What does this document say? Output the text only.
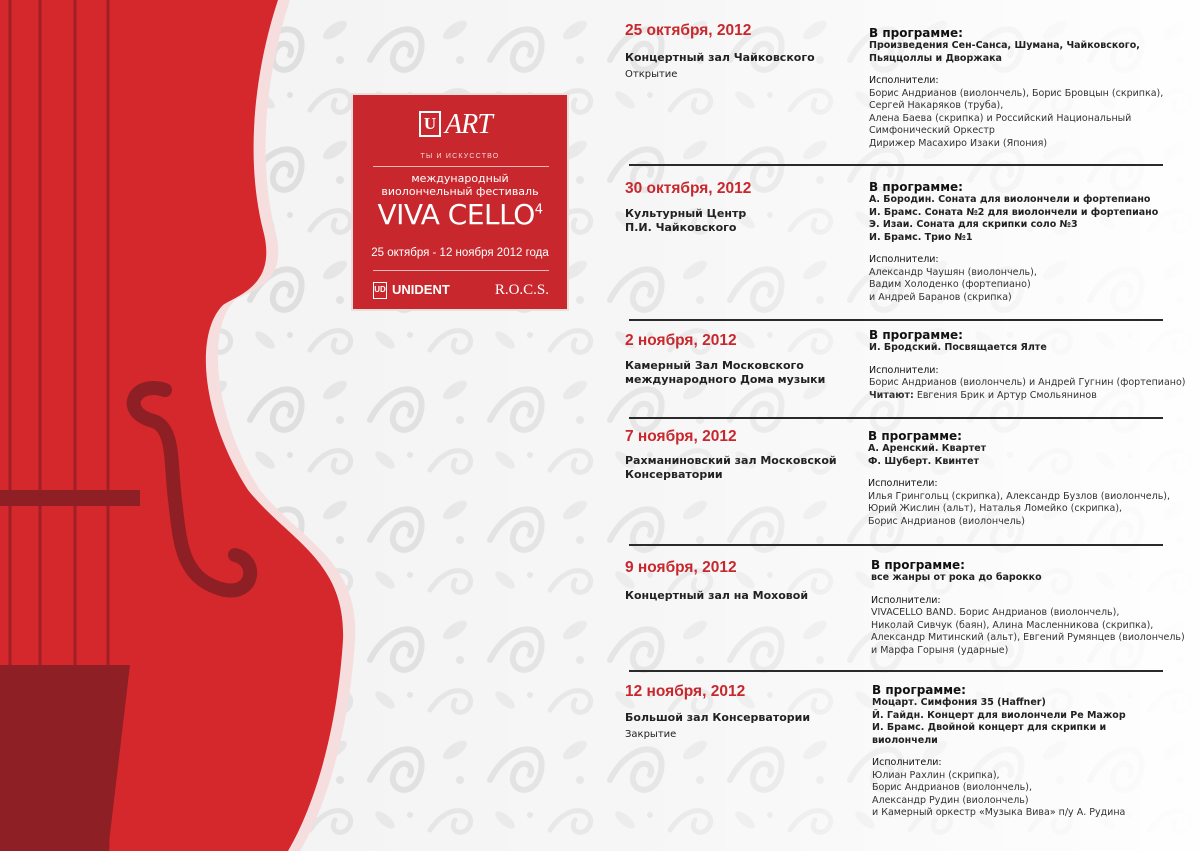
U ART
ТЫ И ИСКУССТВО
международный
виолончельный фестиваль
VIVA CELLO$^4$
25 октября - 12 ноября 2012 года
UD UNIDENT	R.O.C.S.
25 октября, 2012
Концертный зал Чайковского
Открытие
В программе:
Произведения Сен-Санса, Шумана, Чайковского,
Пьяццоллы и Дворжака
Исполнители:
Борис Андрианов (виолончель), Борис Бровцын (скрипка),
Сергей Накаряков (труба),
Алена Баева (скрипка) и Российский Национальный
Симфонический Оркестр
Дирижер Масахиро Изаки (Япония)
30 октября, 2012
Культурный Центр П.И. Чайковского
В программе:
А. Бородин. Соната для виолончели и фортепиано
И. Брамс. Соната №2 для виолончели и фортепиано
Э. Изаи. Соната для скрипки соло №3
И. Брамс. Трио №1
Исполнители:
Александр Чаушян (виолончель),
Вадим Холоденко (фортепиано)
и Андрей Баранов (скрипка)
2 ноября, 2012
Камерный Зал Московского международного Дома музыки
В программе:
И. Бродский. Посвящается Ялте
Исполнители:
Борис Андрианов (виолончель) и Андрей Гугнин (фортепиано)
Читают: Евгения Брик и Артур Смольянинов
7 ноября, 2012
Рахманиновский зал Московской Консерватории
В программе:
А. Аренский. Квартет
Ф. Шуберт. Квинтет
Исполнители:
Илья Грингольц (скрипка), Александр Бузлов (виолончель),
Юрий Жислин (альт), Наталья Ломейко (скрипка),
Борис Андрианов (виолончель)
9 ноября, 2012
Концертный зал на Моховой
В программе:
все жанры от рока до барокко
Исполнители:
VIVACELLO BAND. Борис Андрианов (виолончель),
Николай Сивчук (баян), Алина Масленникова (скрипка),
Александр Митинский (альт), Евгений Румянцев (виолончель)
и Марфа Горыня (ударные)
12 ноября, 2012
Большой зал Консерватории
Закрытие
В программе:
Моцарт. Симфония 35 (Haffner)
Й. Гайдн. Концерт для виолончели Ре Мажор
И. Брамс. Двойной концерт для скрипки и
виолончели
Исполнители:
Юлиан Рахлин (скрипка),
Борис Андрианов (виолончель),
Александр Рудин (виолончель)
и Камерный оркестр «Музыка Вива» п/у А. Рудина
